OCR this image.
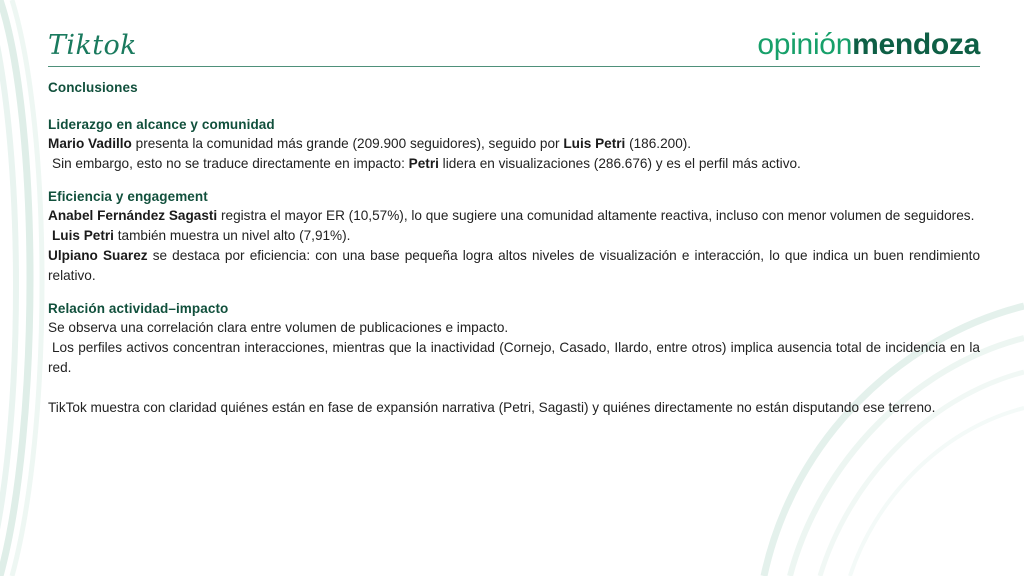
Tiktok	opiniónmendoza
Conclusiones
Liderazgo en alcance y comunidad

Mario Vadillo presenta la comunidad más grande (209.900 seguidores), seguido por Luis Petri (186.200).

Sin embargo, esto no se traduce directamente en impacto: Petri lidera en visualizaciones (286.676) y es el perfil más activo.

Eficiencia y engagement

Anabel Fernández Sagasti registra el mayor ER (10,57%), lo que sugiere una comunidad altamente reactiva, incluso con menor volumen de seguidores.

Luis Petri también muestra un nivel alto (7,91%).

Ulpiano Suarez se destaca por eficiencia: con una base pequeña logra altos niveles de visualización e interacción, lo que indica un buen rendimiento relativo.

Relación actividad–impacto

Se observa una correlación clara entre volumen de publicaciones e impacto.

Los perfiles activos concentran interacciones, mientras que la inactividad (Cornejo, Casado, Ilardo, entre otros) implica ausencia total de incidencia en la red.

TikTok muestra con claridad quiénes están en fase de expansión narrativa (Petri, Sagasti) y quiénes directamente no están disputando ese terreno.
